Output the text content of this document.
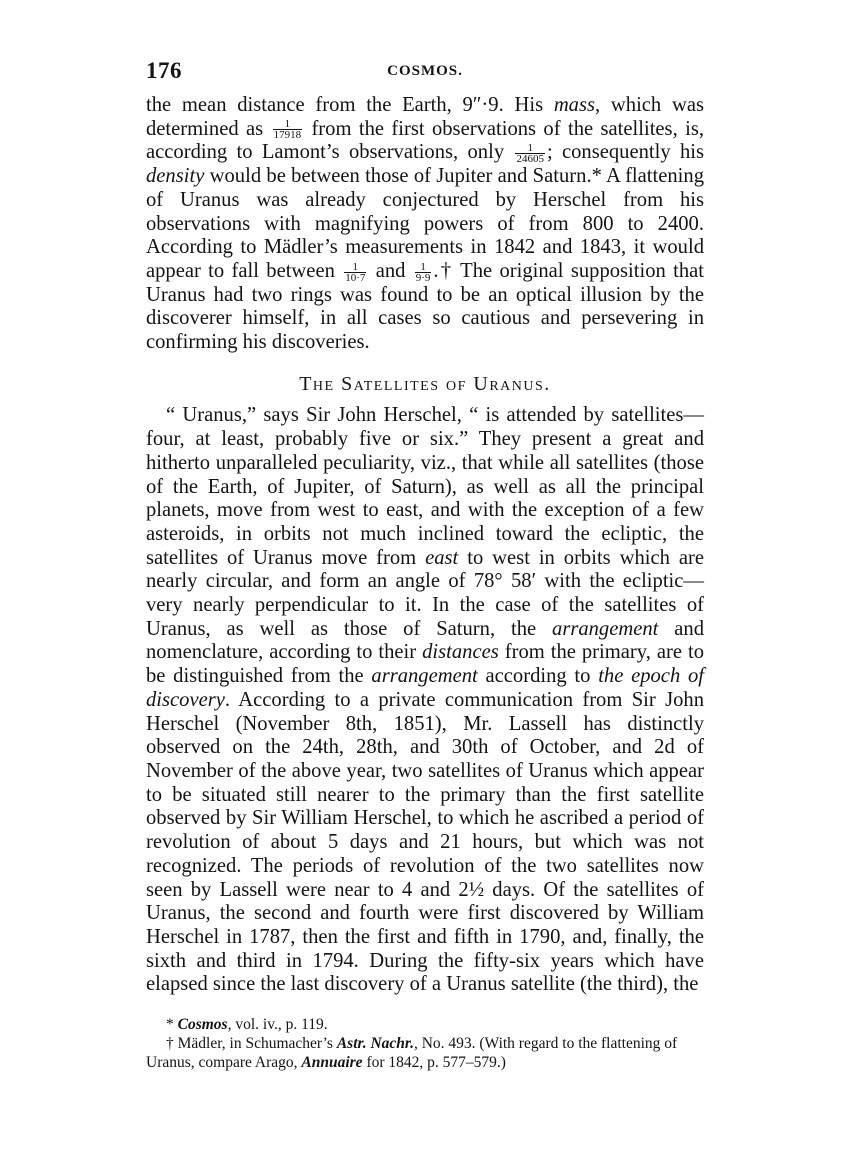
176	COSMOS.

the mean distance from the Earth, 9″·9. His mass, which was determined as $\frac{1}{17918}$ from the first observations of the satellites, is, according to Lamont’s observations, only $\frac{1}{24605}$ ; consequently his density would be between those of Jupiter and Saturn.* A flattening of Uranus was already conjectured by Herschel from his observations with magnifying powers of from 800 to 2400. According to Mädler’s measurements in 1842 and 1843, it would appear to fall between $\frac{1}{10\cdot 7}$ and $\frac{1}{9\cdot 9}$ .† The original supposition that Uranus had two rings was found to be an optical illusion by the discoverer himself, in all cases so cautious and persevering in confirming his discoveries.

The Satellites of Uranus.

“ Uranus,” says Sir John Herschel, “ is attended by satellites—four, at least, probably five or six.” They present a great and hitherto unparalleled peculiarity, viz., that while all satellites (those of the Earth, of Jupiter, of Saturn), as well as all the principal planets, move from west to east, and with the exception of a few asteroids, in orbits not much inclined toward the ecliptic, the satellites of Uranus move from east to west in orbits which are nearly circular, and form an angle of 78° 58′ with the ecliptic—very nearly perpendicular to it. In the case of the satellites of Uranus, as well as those of Saturn, the arrangement and nomenclature, according to their distances from the primary, are to be distinguished from the arrangement according to the epoch of discovery. According to a private communication from Sir John Herschel (November 8th, 1851), Mr. Lassell has distinctly observed on the 24th, 28th, and 30th of October, and 2d of November of the above year, two satellites of Uranus which appear to be situated still nearer to the primary than the first satellite observed by Sir William Herschel, to which he ascribed a period of revolution of about 5 days and 21 hours, but which was not recognized. The periods of revolution of the two satellites now seen by Lassell were near to 4 and 2½ days. Of the satellites of Uranus, the second and fourth were first discovered by William Herschel in 1787, then the first and fifth in 1790, and, finally, the sixth and third in 1794. During the fifty-six years which have elapsed since the last discovery of a Uranus satellite (the third), the

* Cosmos, vol. iv., p. 119.

† Mädler, in Schumacher’s Astr. Nachr., No. 493. (With regard to the flattening of Uranus, compare Arago, Annuaire for 1842, p. 577–579.)
